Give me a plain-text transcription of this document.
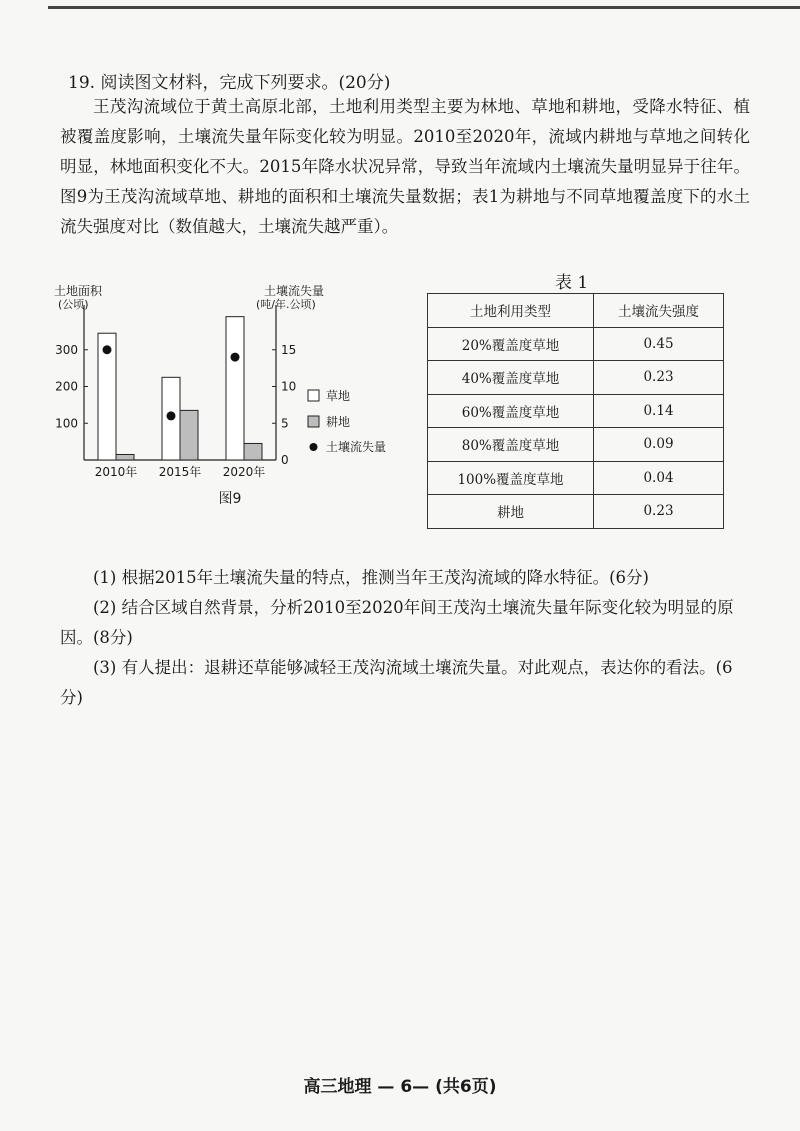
19. 阅读图文材料，完成下列要求。(20分)
王茂沟流域位于黄土高原北部，土地利用类型主要为林地、草地和耕地，受降水特征、植被覆盖度影响，土壤流失量年际变化较为明显。2010至2020年，流域内耕地与草地之间转化明显，林地面积变化不大。2015年降水状况异常，导致当年流域内土壤流失量明显异于往年。图9为王茂沟流域草地、耕地的面积和土壤流失量数据；表1为耕地与不同草地覆盖度下的水土流失强度对比（数值越大，土壤流失越严重）。
土地面积
(公顷)
土壤流失量
(吨/年.公顷)
100
200
300
0
5
10
15
2010年 2015年 2020年
草地
耕地
土壤流失量
图9
表 1
土地利用类型	土壤流失强度
20%覆盖度草地	0.45
40%覆盖度草地	0.23
60%覆盖度草地	0.14
80%覆盖度草地	0.09
100%覆盖度草地	0.04
耕地	0.23
(1) 根据2015年土壤流失量的特点，推测当年王茂沟流域的降水特征。(6分)
(2) 结合区域自然背景，分析2010至2020年间王茂沟土壤流失量年际变化较为明显的原因。(8分)
(3) 有人提出：退耕还草能够减轻王茂沟流域土壤流失量。对此观点，表达你的看法。(6分)
高三地理 — 6— (共6页)
